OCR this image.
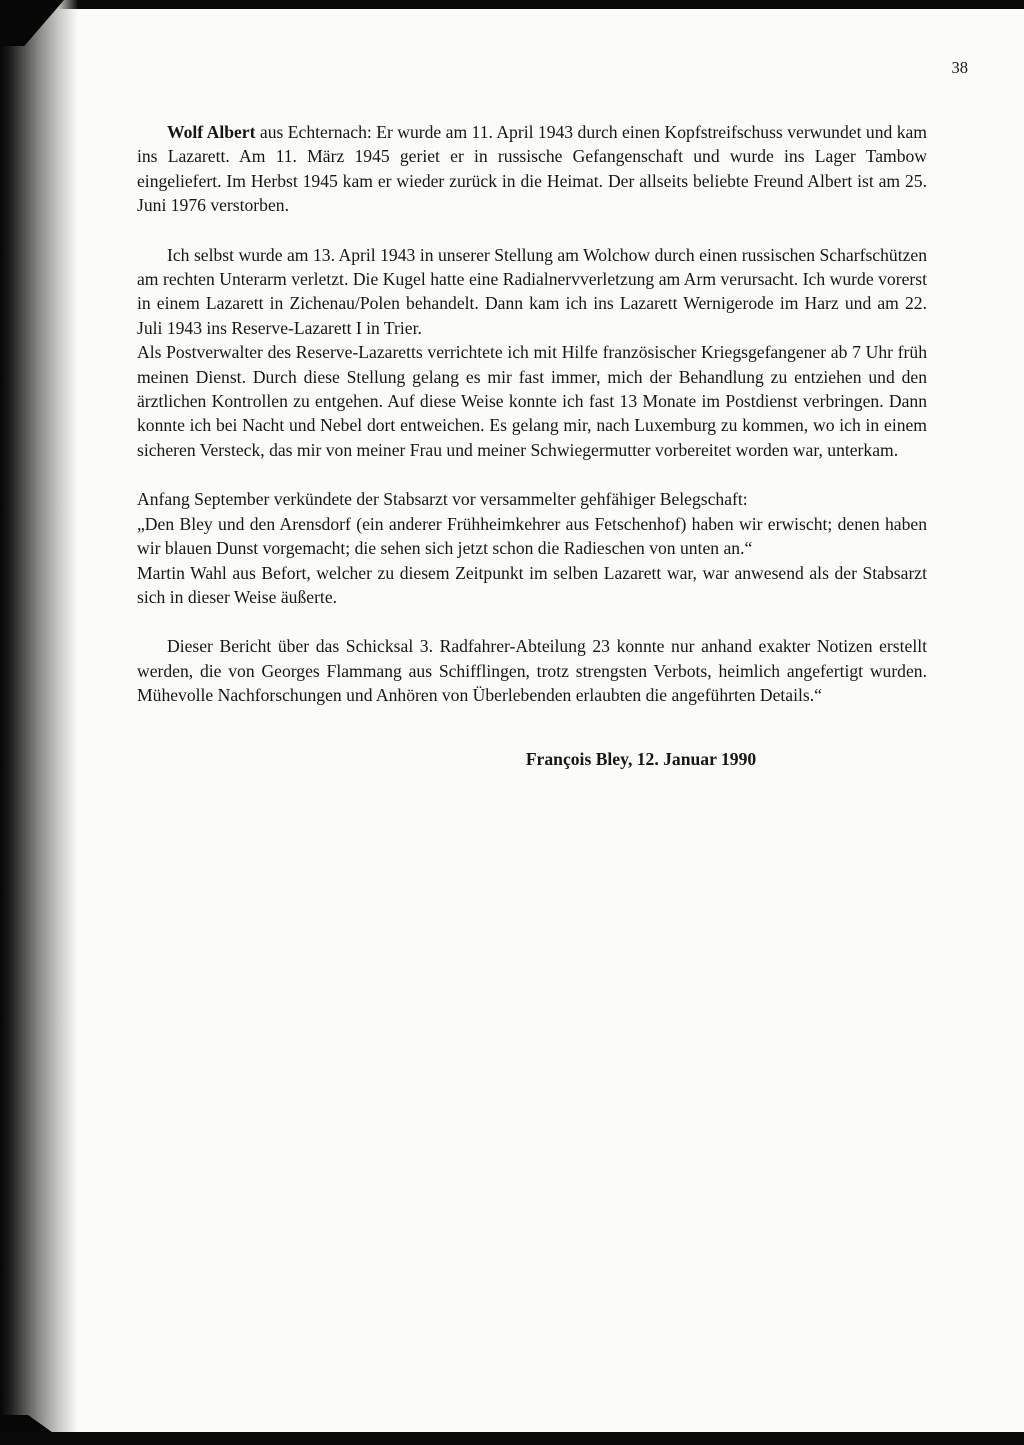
38

Wolf Albert aus Echternach: Er wurde am 11. April 1943 durch einen Kopfstreifschuss verwundet und kam ins Lazarett. Am 11. März 1945 geriet er in russische Gefangenschaft und wurde ins Lager Tambow eingeliefert. Im Herbst 1945 kam er wieder zurück in die Heimat. Der allseits beliebte Freund Albert ist am 25. Juni 1976 verstorben.

Ich selbst wurde am 13. April 1943 in unserer Stellung am Wolchow durch einen russischen Scharfschützen am rechten Unterarm verletzt. Die Kugel hatte eine Radialnervverletzung am Arm verursacht. Ich wurde vorerst in einem Lazarett in Zichenau/Polen behandelt. Dann kam ich ins Lazarett Wernigerode im Harz und am 22. Juli 1943 ins Reserve-Lazarett I in Trier.

Als Postverwalter des Reserve-Lazaretts verrichtete ich mit Hilfe französischer Kriegsgefangener ab 7 Uhr früh meinen Dienst. Durch diese Stellung gelang es mir fast immer, mich der Behandlung zu entziehen und den ärztlichen Kontrollen zu entgehen. Auf diese Weise konnte ich fast 13 Monate im Postdienst verbringen. Dann konnte ich bei Nacht und Nebel dort entweichen. Es gelang mir, nach Luxemburg zu kommen, wo ich in einem sicheren Versteck, das mir von meiner Frau und meiner Schwiegermutter vorbereitet worden war, unterkam.

Anfang September verkündete der Stabsarzt vor versammelter gehfähiger Belegschaft:

„Den Bley und den Arensdorf (ein anderer Frühheimkehrer aus Fetschenhof) haben wir erwischt; denen haben wir blauen Dunst vorgemacht; die sehen sich jetzt schon die Radieschen von unten an.“

Martin Wahl aus Befort, welcher zu diesem Zeitpunkt im selben Lazarett war, war anwesend als der Stabsarzt sich in dieser Weise äußerte.

Dieser Bericht über das Schicksal 3. Radfahrer-Abteilung 23 konnte nur anhand exakter Notizen erstellt werden, die von Georges Flammang aus Schifflingen, trotz strengsten Verbots, heimlich angefertigt wurden. Mühevolle Nachforschungen und Anhören von Überlebenden erlaubten die angeführten Details.“

François Bley, 12. Januar 1990
